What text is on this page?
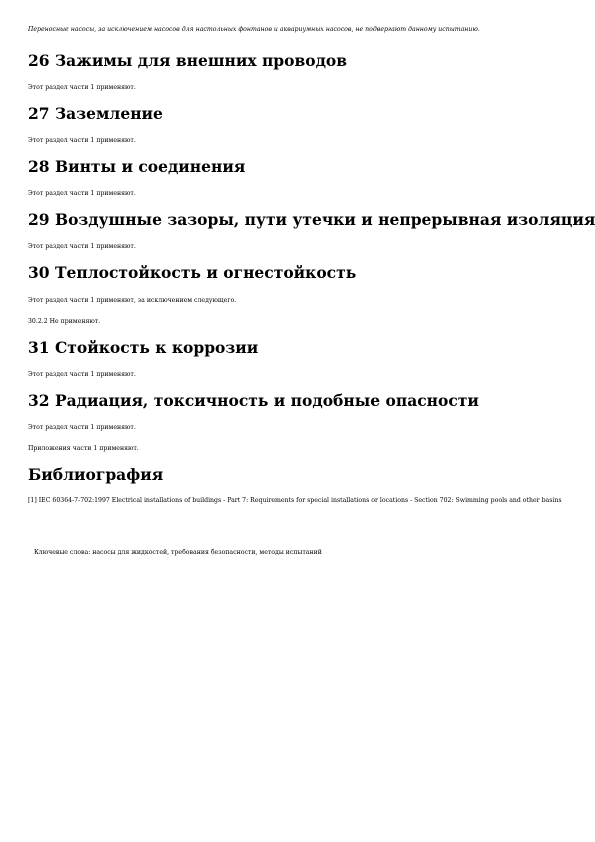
Переносные насосы, за исключением насосов для настольных фонтанов и аквариумных насосов, не подвергают данному испытанию.

26 Зажимы для внешних проводов

Этот раздел части 1 применяют.

27 Заземление

Этот раздел части 1 применяют.

28 Винты и соединения

Этот раздел части 1 применяют.

29 Воздушные зазоры, пути утечки и непрерывная изоляция

Этот раздел части 1 применяют.

30 Теплостойкость и огнестойкость

Этот раздел части 1 применяют, за исключением следующего.

30.2.2 Не применяют.

31 Стойкость к коррозии

Этот раздел части 1 применяют.

32 Радиация, токсичность и подобные опасности

Этот раздел части 1 применяют.

Приложения части 1 применяют.

Библиография

[1] IEC 60364-7-702:1997 Electrical installations of buildings - Part 7: Requirements for special installations or locations - Section 702: Swimming pools and other basins

Ключевые слова: насосы для жидкостей, требования безопасности, методы испытаний
